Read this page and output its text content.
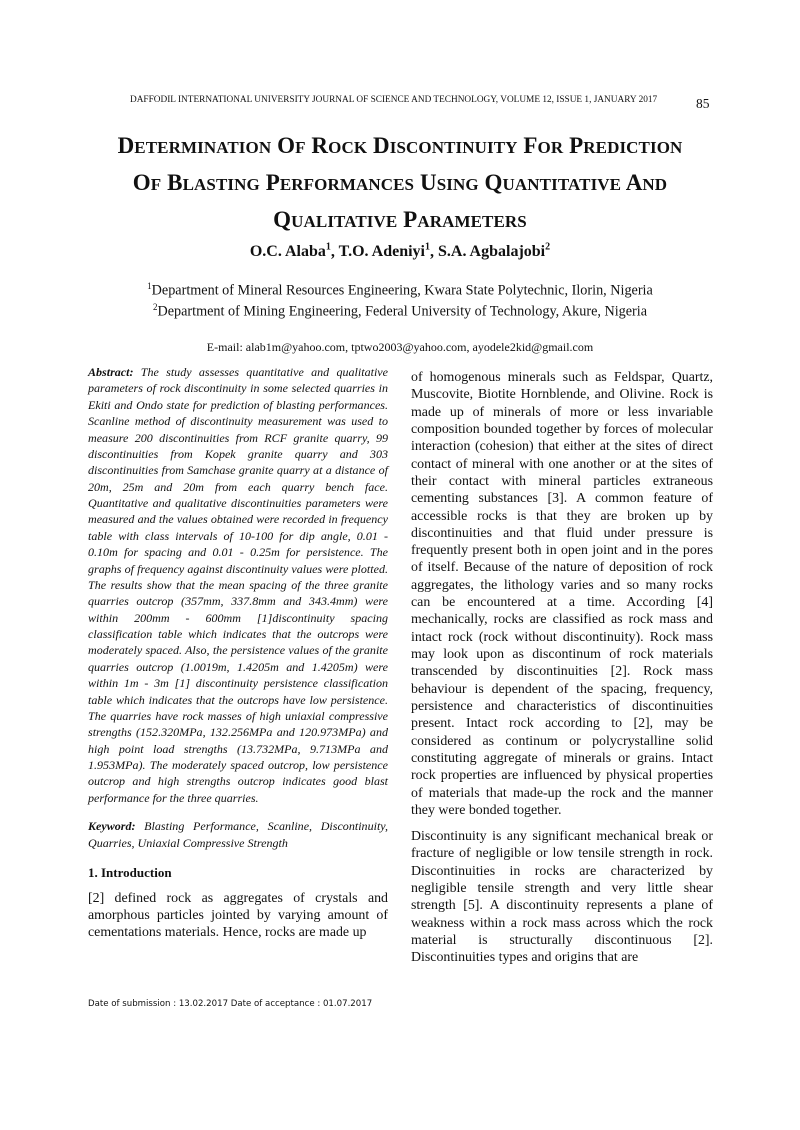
DAFFODIL INTERNATIONAL UNIVERSITY JOURNAL OF SCIENCE AND TECHNOLOGY, VOLUME 12, ISSUE 1, JANUARY 2017	85
DETERMINATION OF ROCK DISCONTINUITY FOR PREDICTION
OF BLASTING PERFORMANCES USING QUANTITATIVE AND
QUALITATIVE PARAMETERS
O.C. Alaba$^1$, T.O. Adeniyi$^1$, S.A. Agbalajobi$^2$
$^1$Department of Mineral Resources Engineering, Kwara State Polytechnic, Ilorin, Nigeria
$^2$Department of Mining Engineering, Federal University of Technology, Akure, Nigeria
E-mail: alab1m@yahoo.com, tptwo2003@yahoo.com, ayodele2kid@gmail.com

Abstract: The study assesses quantitative and qualitative parameters of rock discontinuity in some selected quarries in Ekiti and Ondo state for prediction of blasting performances. Scanline method of discontinuity measurement was used to measure 200 discontinuities from RCF granite quarry, 99 discontinuities from Kopek granite quarry and 303 discontinuities from Samchase granite quarry at a distance of 20m, 25m and 20m from each quarry bench face. Quantitative and qualitative discontinuities parameters were measured and the values obtained were recorded in frequency table with class intervals of 10-100 for dip angle, 0.01 - 0.10m for spacing and 0.01 - 0.25m for persistence. The graphs of frequency against discontinuity values were plotted. The results show that the mean spacing of the three granite quarries outcrop (357mm, 337.8mm and 343.4mm) were within 200mm - 600mm [1]discontinuity spacing classification table which indicates that the outcrops were moderately spaced. Also, the persistence values of the granite quarries outcrop (1.0019m, 1.4205m and 1.4205m) were within 1m - 3m [1] discontinuity persistence classification table which indicates that the outcrops have low persistence. The quarries have rock masses of high uniaxial compressive strengths (152.320MPa, 132.256MPa and 120.973MPa) and high point load strengths (13.732MPa, 9.713MPa and 1.953MPa). The moderately spaced outcrop, low persistence outcrop and high strengths outcrop indicates good blast performance for the three quarries.

Keyword: Blasting Performance, Scanline, Discontinuity, Quarries, Uniaxial Compressive Strength

1. Introduction

[2] defined rock as aggregates of crystals and amorphous particles jointed by varying amount of cementations materials. Hence, rocks are made up

of homogenous minerals such as Feldspar, Quartz, Muscovite, Biotite Hornblende, and Olivine. Rock is made up of minerals of more or less invariable composition bounded together by forces of molecular interaction (cohesion) that either at the sites of direct contact of mineral with one another or at the sites of their contact with mineral particles extraneous cementing substances [3]. A common feature of accessible rocks is that they are broken up by discontinuities and that fluid under pressure is frequently present both in open joint and in the pores of itself. Because of the nature of deposition of rock aggregates, the lithology varies and so many rocks can be encountered at a time. According [4] mechanically, rocks are classified as rock mass and intact rock (rock without discontinuity). Rock mass may look upon as discontinum of rock materials transcended by discontinuities [2]. Rock mass behaviour is dependent of the spacing, frequency, persistence and characteristics of discontinuities present. Intact rock according to [2], may be considered as continum or polycrystalline solid constituting aggregate of minerals or grains. Intact rock properties are influenced by physical properties of materials that made-up the rock and the manner they were bonded together.

Discontinuity is any significant mechanical break or fracture of negligible or low tensile strength in rock. Discontinuities in rocks are characterized by negligible tensile strength and very little shear strength [5]. A discontinuity represents a plane of weakness within a rock mass across which the rock material is structurally discontinuous [2]. Discontinuities types and origins that are

Date of submission : 13.02.2017 Date of acceptance : 01.07.2017
